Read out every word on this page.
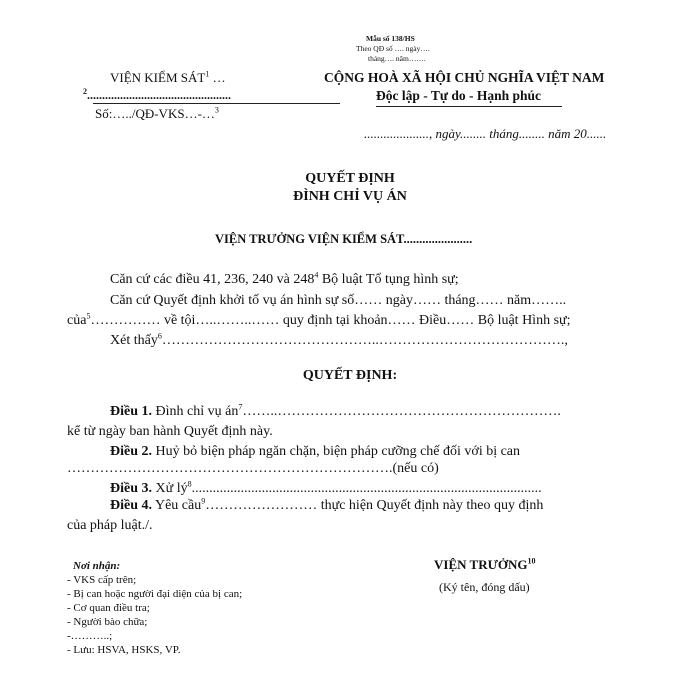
Mẫu số 138/HS
Theo QĐ số …. ngày….
tháng…. năm…….
VIỆN KIỂM SÁT$^1$ …
$^2$................................................
Số:…../QĐ-VKS…-…$^3$
CỘNG HOÀ XÃ HỘI CHỦ NGHĨA VIỆT NAM
Độc lập - Tự do - Hạnh phúc
...................., ngày........ tháng........ năm 20......
QUYẾT ĐỊNH
ĐÌNH CHỈ VỤ ÁN
VIỆN TRƯỞNG VIỆN KIỂM SÁT......................
Căn cứ các điều 41, 236, 240 và $248^4$ Bộ luật Tố tụng hình sự;
Căn cứ Quyết định khởi tố vụ án hình sự số…… ngày…… tháng…… năm……..
của$^5$…………… về tội…..……..…… quy định tại khoản…… Điều…… Bộ luật Hình sự;
Xét thấy$^6$………………………………………..………………………………….,
QUYẾT ĐỊNH:
Điều 1. Đình chỉ vụ $án^7\dots\dots..\dots\dots\dots\dots\dots\dots\dots\dots\dots\dots\dots\dots\dots\dots\dots\dots\dots\dots\dots\dots$.
kể từ ngày ban hành Quyết định này.
Điều 2. Huỷ bỏ biện pháp ngăn chặn, biện pháp cưỡng chế đối với bị can
…………………………………………………………….(nếu có)
Điều 3. Xử $lý^8$....................................................................................................
Điều 4. Yêu cầu$^9$…………………… thực hiện Quyết định này theo quy định
của pháp luật./.
Nơi nhận:
- VKS cấp trên;
- Bị can hoặc người đại diện của bị can;
- Cơ quan điều tra;
- Người bào chữa;
-………..;
- Lưu: HSVA, HSKS, VP.
VIỆN TRƯỞNG$^{10}$
(Ký tên, đóng dấu)
